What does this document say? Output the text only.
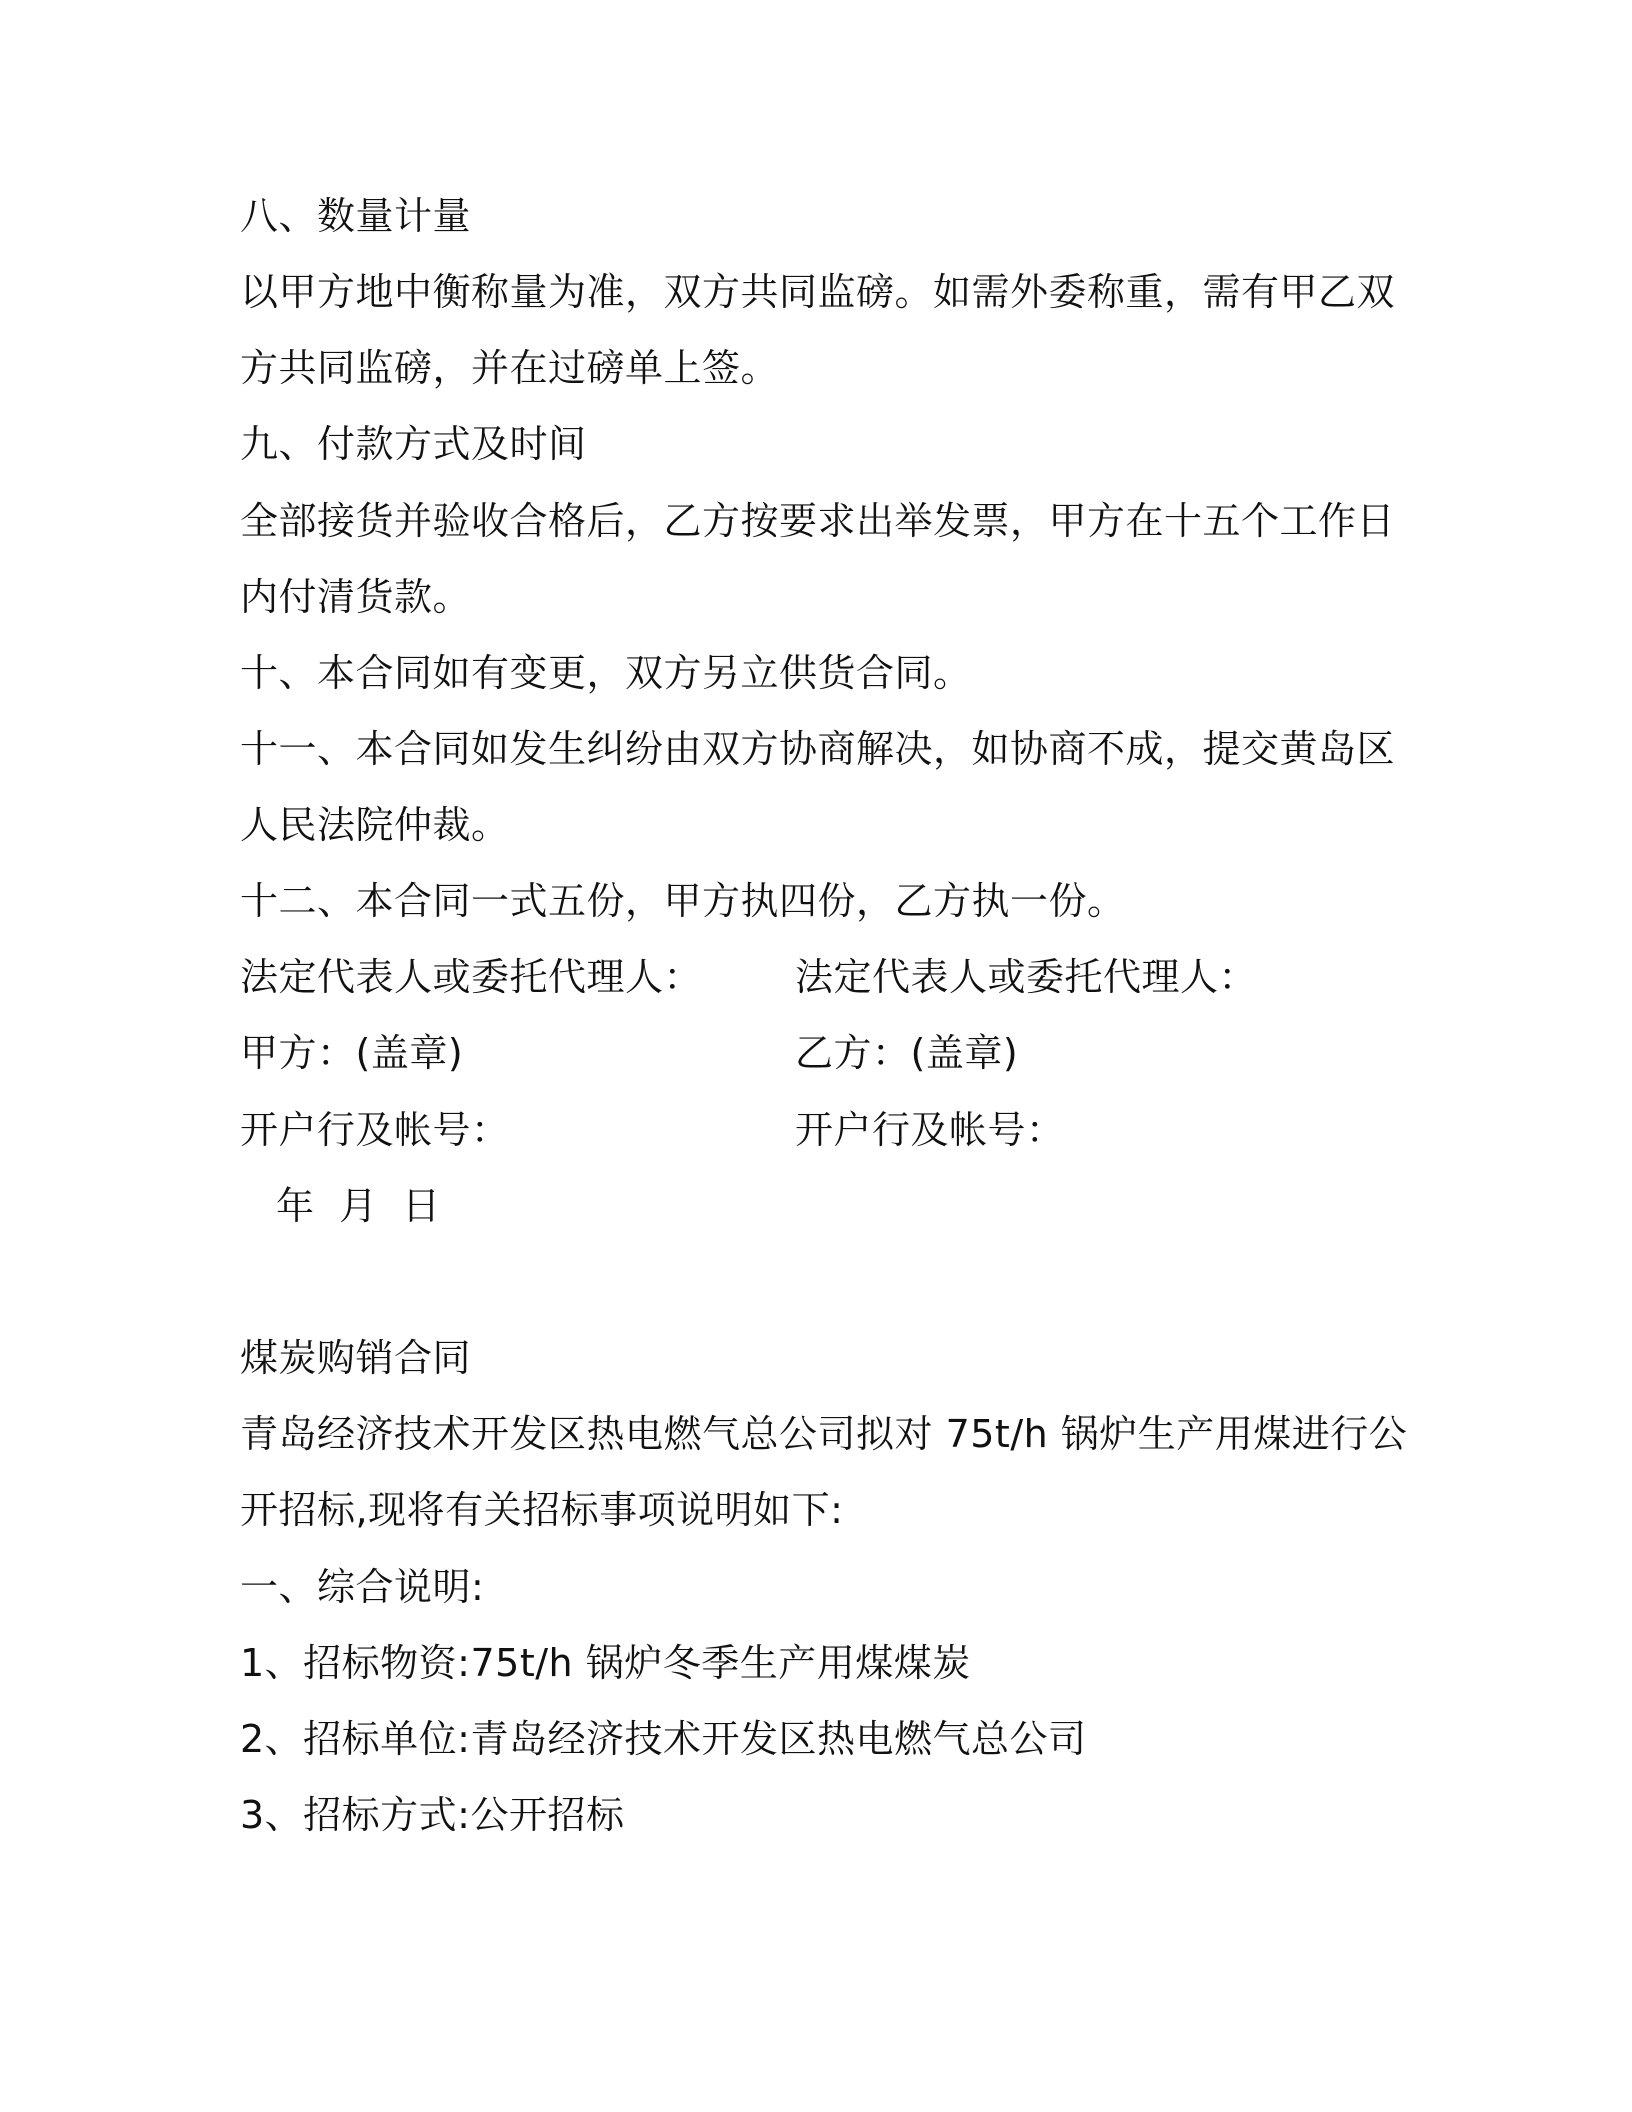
八、数量计量
以甲方地中衡称量为准，双方共同监磅。如需外委称重，需有甲乙双
方共同监磅，并在过磅单上签。
九、付款方式及时间
全部接货并验收合格后，乙方按要求出举发票，甲方在十五个工作日
内付清货款。
十、本合同如有变更，双方另立供货合同。
十一、本合同如发生纠纷由双方协商解决，如协商不成，提交黄岛区
人民法院仲裁。
十二、本合同一式五份，甲方执四份，乙方执一份。
法定代表人或委托代理人： 法定代表人或委托代理人：
甲方：(盖章)	乙方：(盖章)
开户行及帐号：	开户行及帐号：
年 月 日
煤炭购销合同
青岛经济技术开发区热电燃气总公司拟对 75t/h 锅炉生产用煤进行公
开招标,现将有关招标事项说明如下:
一、综合说明:
1、招标物资:75t/h 锅炉冬季生产用煤煤炭
2、招标单位:青岛经济技术开发区热电燃气总公司
3、招标方式:公开招标
